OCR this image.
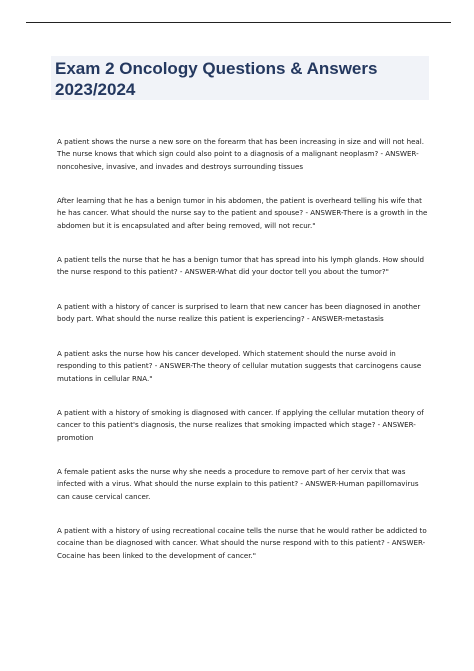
Exam 2 Oncology Questions & Answers
2023/2024

A patient shows the nurse a new sore on the forearm that has been increasing in size and will not heal. The nurse knows that which sign could also point to a diagnosis of a malignant neoplasm? - ANSWER-noncohesive, invasive, and invades and destroys surrounding tissues

After learning that he has a benign tumor in his abdomen, the patient is overheard telling his wife that he has cancer. What should the nurse say to the patient and spouse? - ANSWER-There is a growth in the abdomen but it is encapsulated and after being removed, will not recur."

A patient tells the nurse that he has a benign tumor that has spread into his lymph glands. How should the nurse respond to this patient? - ANSWER-What did your doctor tell you about the tumor?"

A patient with a history of cancer is surprised to learn that new cancer has been diagnosed in another body part. What should the nurse realize this patient is experiencing? - ANSWER-metastasis

A patient asks the nurse how his cancer developed. Which statement should the nurse avoid in responding to this patient? - ANSWER-The theory of cellular mutation suggests that carcinogens cause mutations in cellular RNA."

A patient with a history of smoking is diagnosed with cancer. If applying the cellular mutation theory of cancer to this patient's diagnosis, the nurse realizes that smoking impacted which stage? - ANSWER-promotion

A female patient asks the nurse why she needs a procedure to remove part of her cervix that was infected with a virus. What should the nurse explain to this patient? - ANSWER-Human papillomavirus can cause cervical cancer.

A patient with a history of using recreational cocaine tells the nurse that he would rather be addicted to cocaine than be diagnosed with cancer. What should the nurse respond with to this patient? - ANSWER-Cocaine has been linked to the development of cancer."
